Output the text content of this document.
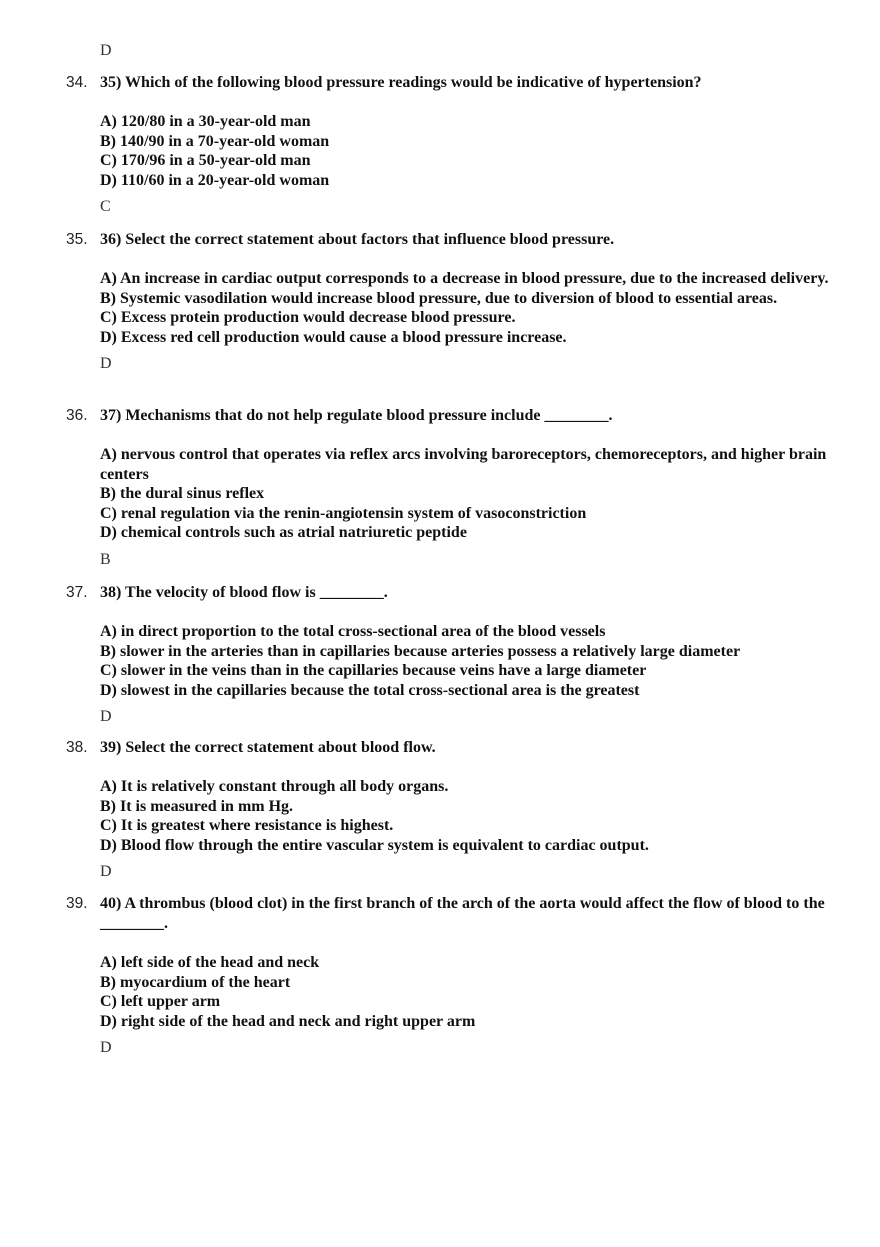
D
34. 35) Which of the following blood pressure readings would be indicative of hypertension?

A) 120/80 in a 30-year-old man

B) 140/90 in a 70-year-old woman

C) 170/96 in a 50-year-old man

D) 110/60 in a 20-year-old woman

C

35. 36) Select the correct statement about factors that influence blood pressure.

A) An increase in cardiac output corresponds to a decrease in blood pressure, due to the increased delivery.

B) Systemic vasodilation would increase blood pressure, due to diversion of blood to essential areas.

C) Excess protein production would decrease blood pressure.

D) Excess red cell production would cause a blood pressure increase.

D

36. 37) Mechanisms that do not help regulate blood pressure include ________.

A) nervous control that operates via reflex arcs involving baroreceptors, chemoreceptors, and higher brain centers

B) the dural sinus reflex

C) renal regulation via the renin-angiotensin system of vasoconstriction

D) chemical controls such as atrial natriuretic peptide

B

37. 38) The velocity of blood flow is ________.

A) in direct proportion to the total cross-sectional area of the blood vessels

B) slower in the arteries than in capillaries because arteries possess a relatively large diameter

C) slower in the veins than in the capillaries because veins have a large diameter

D) slowest in the capillaries because the total cross-sectional area is the greatest

D

38. 39) Select the correct statement about blood flow.

A) It is relatively constant through all body organs.

B) It is measured in mm Hg.

C) It is greatest where resistance is highest.

D) Blood flow through the entire vascular system is equivalent to cardiac output.

D

39. 40) A thrombus (blood clot) in the first branch of the arch of the aorta would affect the flow of blood to the ________.

A) left side of the head and neck

B) myocardium of the heart

C) left upper arm

D) right side of the head and neck and right upper arm

D
